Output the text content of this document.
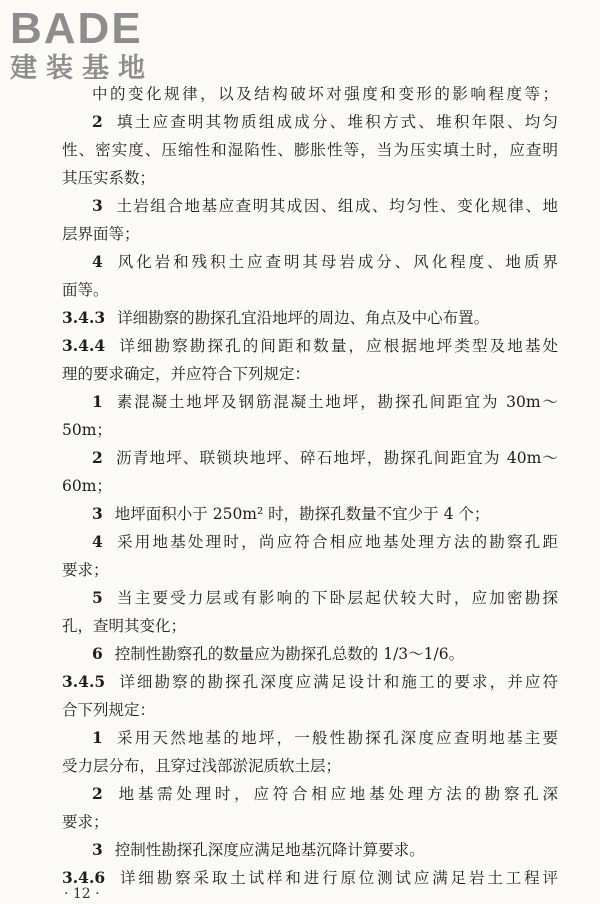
BADE
建装基地
中的变化规律，以及结构破坏对强度和变形的影响程度等；
2 填土应查明其物质组成成分、堆积方式、堆积年限、均匀
性、密实度、压缩性和湿陷性、膨胀性等，当为压实填土时，应查明
其压实系数；
3 土岩组合地基应查明其成因、组成、均匀性、变化规律、地
层界面等；
4 风化岩和残积土应查明其母岩成分、风化程度、地质界
面等。
3.4.3 详细勘察的勘探孔宜沿地坪的周边、角点及中心布置。
3.4.4 详细勘察勘探孔的间距和数量，应根据地坪类型及地基处
理的要求确定，并应符合下列规定：
1 素混凝土地坪及钢筋混凝土地坪，勘探孔间距宜为 30m～
50m；
2 沥青地坪、联锁块地坪、碎石地坪，勘探孔间距宜为 40m～
60m；
3 地坪面积小于 250m² 时，勘探孔数量不宜少于 4 个；
4 采用地基处理时，尚应符合相应地基处理方法的勘察孔距
要求；
5 当主要受力层或有影响的下卧层起伏较大时，应加密勘探
孔，查明其变化；
6 控制性勘察孔的数量应为勘探孔总数的 1/3～1/6。
3.4.5 详细勘察的勘探孔深度应满足设计和施工的要求，并应符
合下列规定：
1 采用天然地基的地坪，一般性勘探孔深度应查明地基主要
受力层分布，且穿过浅部淤泥质软土层；
2 地基需处理时，应符合相应地基处理方法的勘察孔深
要求；
3 控制性勘探孔深度应满足地基沉降计算要求。
3.4.6 详细勘察采取土试样和进行原位测试应满足岩土工程评
· 12 ·
